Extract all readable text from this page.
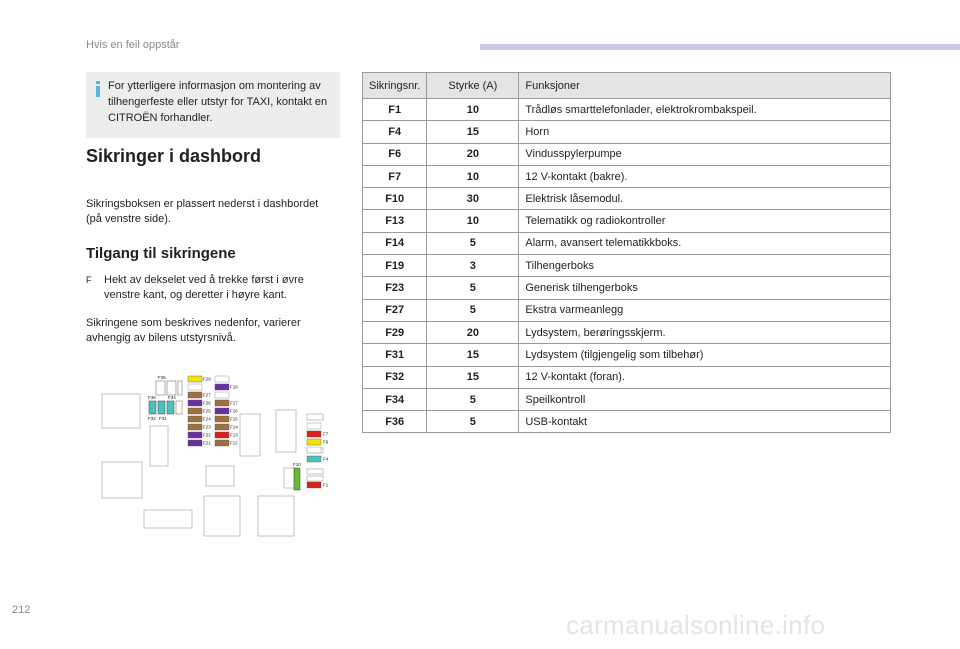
Hvis en feil oppstår
For ytterligere informasjon om montering av tilhengerfeste eller utstyr for TAXI, kontakt en CITROËN forhandler.
Sikringer i dashbord
Sikringsboksen er plassert nederst i dashbordet (på venstre side).
Tilgang til sikringene
F Hekt av dekselet ved å trekke først i øvre venstre kant, og deretter i høyre kant.
Sikringene som beskrives nedenfor, varierer avhengig av bilens utstyrsnivå.
F35
F36	F34
F32 F31
F29
F18
F27
F26	F17
F25	F16
F24	F15
F23	F14
F22	F13
F21	F12
F7
F6
F4
F1
F10
Sikringsnr.	Styrke (A)	Funksjoner
F1	10	Trådløs smarttelefonlader, elektrokrombakspeil.
F4	15	Horn
F6	20	Vindusspylerpumpe
F7	10	12 V-kontakt (bakre).
F10	30	Elektrisk låsemodul.
F13	10	Telematikk og radiokontroller
F14	5	Alarm, avansert telematikkboks.
F19	3	Tilhengerboks
F23	5	Generisk tilhengerboks
F27	5	Ekstra varmeanlegg
F29	20	Lydsystem, berøringsskjerm.
F31	15	Lydsystem (tilgjengelig som tilbehør)
F32	15	12 V-kontakt (foran).
F34	5	Speilkontroll
F36	5	USB-kontakt
212	carmanualsonline.info
